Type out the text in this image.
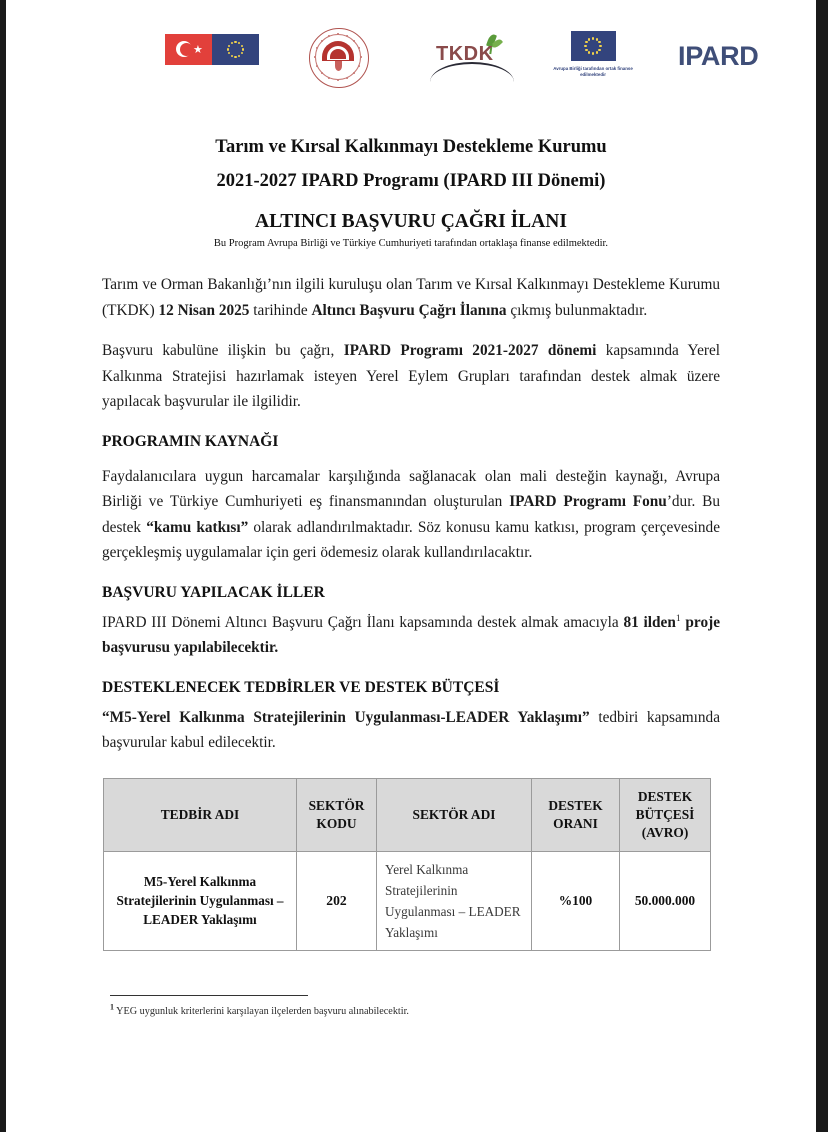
★	TKDK
Avrupa Birliği tarafından ortak finanse edilmektedir
IPARD
Tarım ve Kırsal Kalkınmayı Destekleme Kurumu
2021-2027 IPARD Programı (IPARD III Dönemi)
ALTINCI BAŞVURU ÇAĞRI İLANI
Bu Program Avrupa Birliği ve Türkiye Cumhuriyeti tarafından ortaklaşa finanse edilmektedir.

Tarım ve Orman Bakanlığı’nın ilgili kuruluşu olan Tarım ve Kırsal Kalkınmayı Destekleme Kurumu (TKDK) 12 Nisan 2025 tarihinde Altıncı Başvuru Çağrı İlanına çıkmış bulunmaktadır.

Başvuru kabulüne ilişkin bu çağrı, IPARD Programı 2021-2027 dönemi kapsamında Yerel Kalkınma Stratejisi hazırlamak isteyen Yerel Eylem Grupları tarafından destek almak üzere yapılacak başvurular ile ilgilidir.

PROGRAMIN KAYNAĞI

Faydalanıcılara uygun harcamalar karşılığında sağlanacak olan mali desteğin kaynağı, Avrupa Birliği ve Türkiye Cumhuriyeti eş finansmanından oluşturulan IPARD Programı Fonu’dur. Bu destek “kamu katkısı” olarak adlandırılmaktadır. Söz konusu kamu katkısı, program çerçevesinde gerçekleşmiş uygulamalar için geri ödemesiz olarak kullandırılacaktır.

BAŞVURU YAPILACAK İLLER

IPARD III Dönemi Altıncı Başvuru Çağrı İlanı kapsamında destek almak amacıyla 81 ilden$^1$ proje başvurusu yapılabilecektir.

DESTEKLENECEK TEDBİRLER VE DESTEK BÜTÇESİ

“M5-Yerel Kalkınma Stratejilerinin Uygulanması-LEADER Yaklaşımı” tedbiri kapsamında başvurular kabul edilecektir.

TEDBİR ADI	SEKTÖR KODU	SEKTÖR ADI	DESTEK ORANI	DESTEK BÜTÇESİ (AVRO)
M5-Yerel Kalkınma Stratejilerinin Uygulanması –LEADER Yaklaşımı	202	Yerel Kalkınma Stratejilerinin Uygulanması – LEADER Yaklaşımı	%100	50.000.000
$^1$ YEG uygunluk kriterlerini karşılayan ilçelerden başvuru alınabilecektir.
